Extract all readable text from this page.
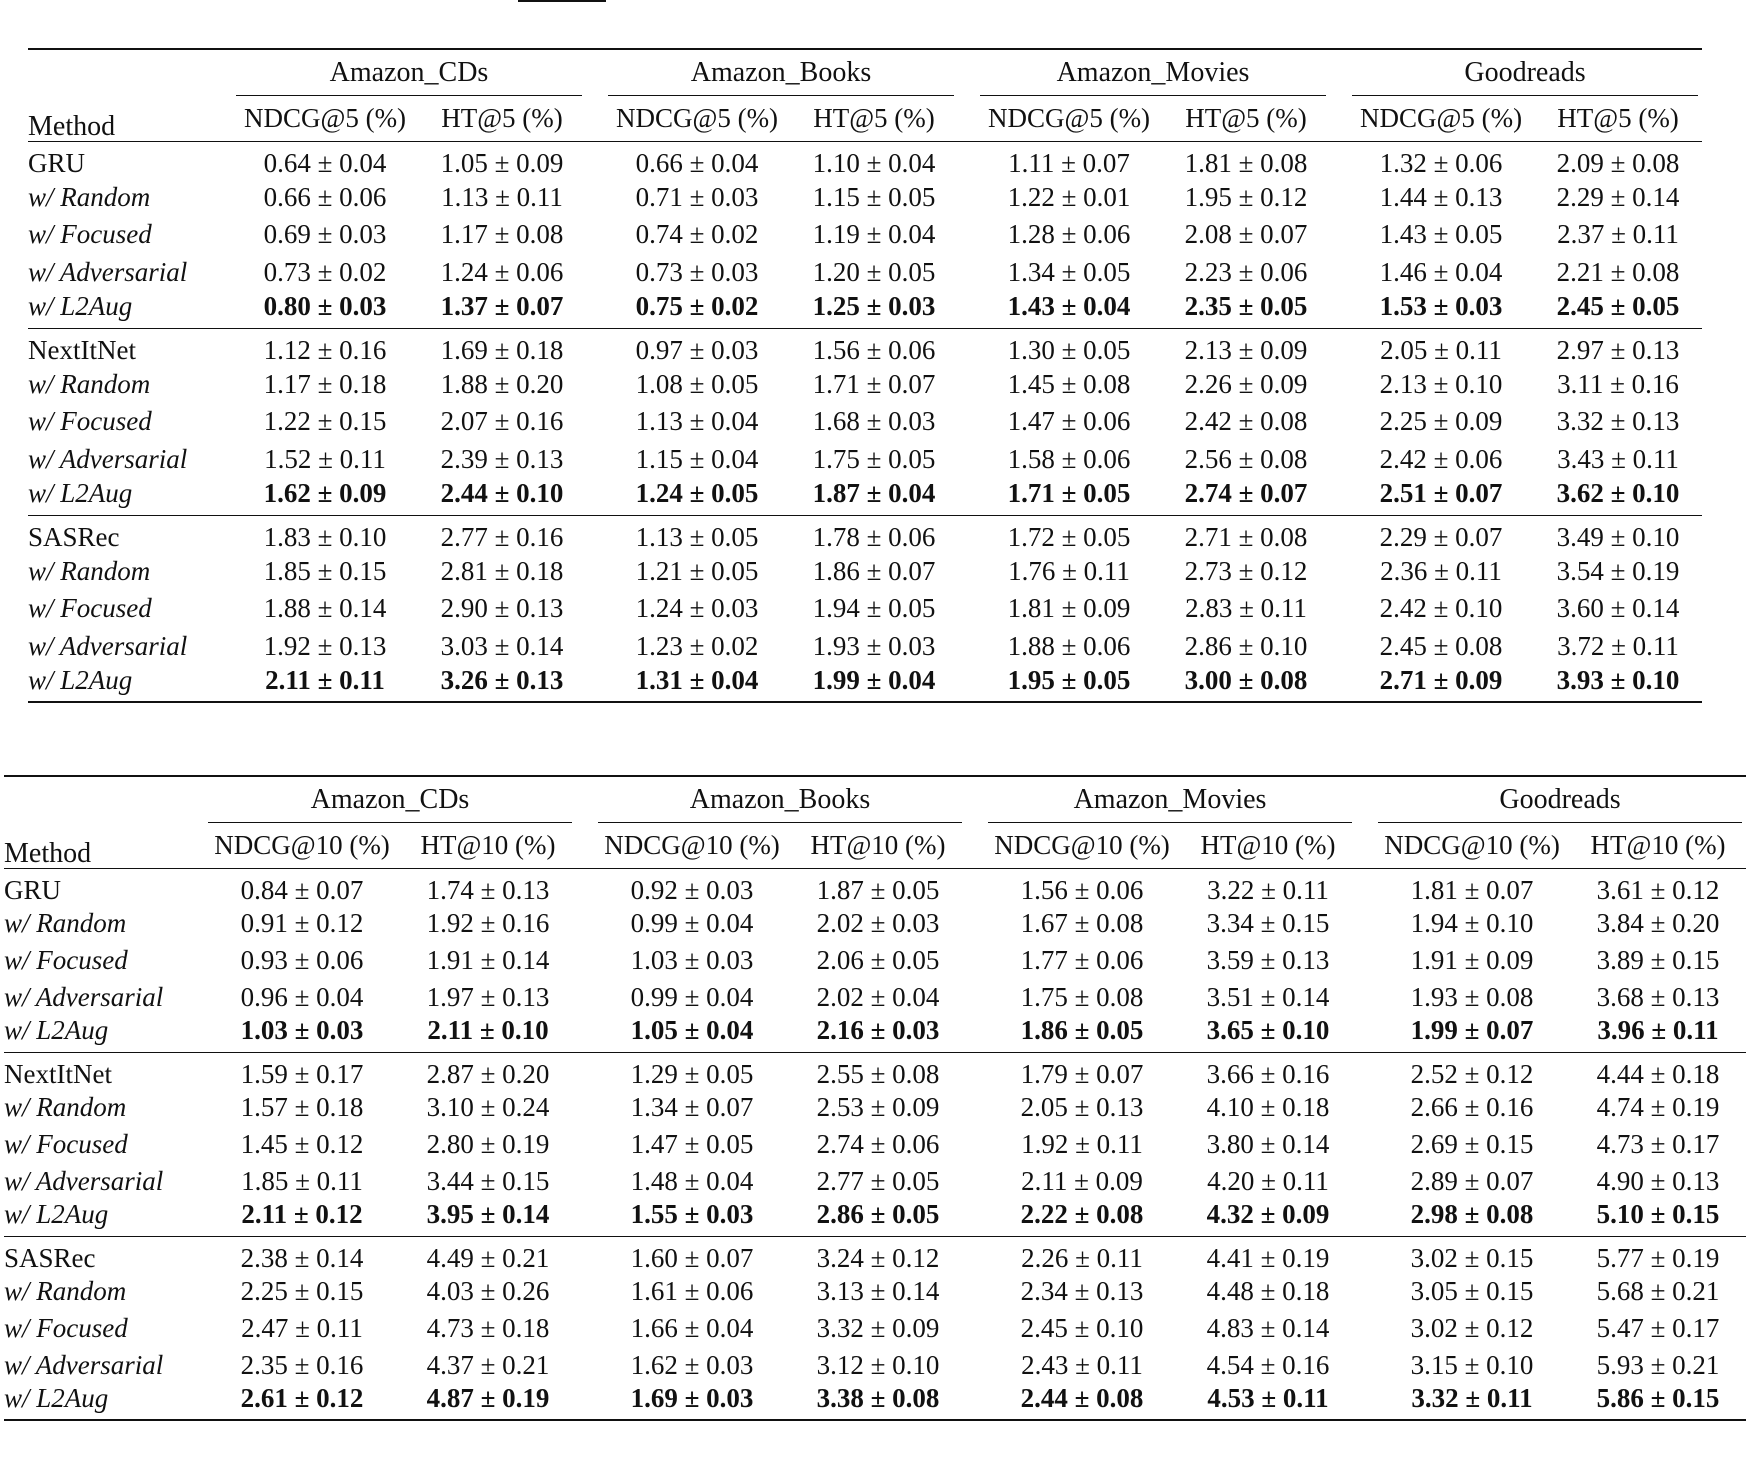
Method		Amazon_CDs			Amazon_Books			Amazon_Movies			Goodreads	

		NDCG@5 (%)	HT@5 (%)		NDCG@5 (%)	HT@5 (%)		NDCG@5 (%)	HT@5 (%)		NDCG@5 (%)	HT@5 (%)
GRU		0.64 ± 0.04	1.05 ± 0.09		0.66 ± 0.04	1.10 ± 0.04		1.11 ± 0.07	1.81 ± 0.08		1.32 ± 0.06	2.09 ± 0.08
w/ Random		0.66 ± 0.06	1.13 ± 0.11		0.71 ± 0.03	1.15 ± 0.05		1.22 ± 0.01	1.95 ± 0.12		1.44 ± 0.13	2.29 ± 0.14
w/ Focused		0.69 ± 0.03	1.17 ± 0.08		0.74 ± 0.02	1.19 ± 0.04		1.28 ± 0.06	2.08 ± 0.07		1.43 ± 0.05	2.37 ± 0.11
w/ Adversarial		0.73 ± 0.02	1.24 ± 0.06		0.73 ± 0.03	1.20 ± 0.05		1.34 ± 0.05	2.23 ± 0.06		1.46 ± 0.04	2.21 ± 0.08
w/ L2Aug		0.80 ± 0.03	1.37 ± 0.07		0.75 ± 0.02	1.25 ± 0.03		1.43 ± 0.04	2.35 ± 0.05		1.53 ± 0.03	2.45 ± 0.05
NextItNet		1.12 ± 0.16	1.69 ± 0.18		0.97 ± 0.03	1.56 ± 0.06		1.30 ± 0.05	2.13 ± 0.09		2.05 ± 0.11	2.97 ± 0.13
w/ Random		1.17 ± 0.18	1.88 ± 0.20		1.08 ± 0.05	1.71 ± 0.07		1.45 ± 0.08	2.26 ± 0.09		2.13 ± 0.10	3.11 ± 0.16
w/ Focused		1.22 ± 0.15	2.07 ± 0.16		1.13 ± 0.04	1.68 ± 0.03		1.47 ± 0.06	2.42 ± 0.08		2.25 ± 0.09	3.32 ± 0.13
w/ Adversarial		1.52 ± 0.11	2.39 ± 0.13		1.15 ± 0.04	1.75 ± 0.05		1.58 ± 0.06	2.56 ± 0.08		2.42 ± 0.06	3.43 ± 0.11
w/ L2Aug		1.62 ± 0.09	2.44 ± 0.10		1.24 ± 0.05	1.87 ± 0.04		1.71 ± 0.05	2.74 ± 0.07		2.51 ± 0.07	3.62 ± 0.10
SASRec		1.83 ± 0.10	2.77 ± 0.16		1.13 ± 0.05	1.78 ± 0.06		1.72 ± 0.05	2.71 ± 0.08		2.29 ± 0.07	3.49 ± 0.10
w/ Random		1.85 ± 0.15	2.81 ± 0.18		1.21 ± 0.05	1.86 ± 0.07		1.76 ± 0.11	2.73 ± 0.12		2.36 ± 0.11	3.54 ± 0.19
w/ Focused		1.88 ± 0.14	2.90 ± 0.13		1.24 ± 0.03	1.94 ± 0.05		1.81 ± 0.09	2.83 ± 0.11		2.42 ± 0.10	3.60 ± 0.14
w/ Adversarial		1.92 ± 0.13	3.03 ± 0.14		1.23 ± 0.02	1.93 ± 0.03		1.88 ± 0.06	2.86 ± 0.10		2.45 ± 0.08	3.72 ± 0.11
w/ L2Aug		2.11 ± 0.11	3.26 ± 0.13		1.31 ± 0.04	1.99 ± 0.04		1.95 ± 0.05	3.00 ± 0.08		2.71 ± 0.09	3.93 ± 0.10
Method		Amazon_CDs			Amazon_Books			Amazon_Movies			Goodreads	

		NDCG@10 (%)	HT@10 (%)		NDCG@10 (%)	HT@10 (%)		NDCG@10 (%)	HT@10 (%)		NDCG@10 (%)	HT@10 (%)
GRU		0.84 ± 0.07	1.74 ± 0.13		0.92 ± 0.03	1.87 ± 0.05		1.56 ± 0.06	3.22 ± 0.11		1.81 ± 0.07	3.61 ± 0.12
w/ Random		0.91 ± 0.12	1.92 ± 0.16		0.99 ± 0.04	2.02 ± 0.03		1.67 ± 0.08	3.34 ± 0.15		1.94 ± 0.10	3.84 ± 0.20
w/ Focused		0.93 ± 0.06	1.91 ± 0.14		1.03 ± 0.03	2.06 ± 0.05		1.77 ± 0.06	3.59 ± 0.13		1.91 ± 0.09	3.89 ± 0.15
w/ Adversarial		0.96 ± 0.04	1.97 ± 0.13		0.99 ± 0.04	2.02 ± 0.04		1.75 ± 0.08	3.51 ± 0.14		1.93 ± 0.08	3.68 ± 0.13
w/ L2Aug		1.03 ± 0.03	2.11 ± 0.10		1.05 ± 0.04	2.16 ± 0.03		1.86 ± 0.05	3.65 ± 0.10		1.99 ± 0.07	3.96 ± 0.11
NextItNet		1.59 ± 0.17	2.87 ± 0.20		1.29 ± 0.05	2.55 ± 0.08		1.79 ± 0.07	3.66 ± 0.16		2.52 ± 0.12	4.44 ± 0.18
w/ Random		1.57 ± 0.18	3.10 ± 0.24		1.34 ± 0.07	2.53 ± 0.09		2.05 ± 0.13	4.10 ± 0.18		2.66 ± 0.16	4.74 ± 0.19
w/ Focused		1.45 ± 0.12	2.80 ± 0.19		1.47 ± 0.05	2.74 ± 0.06		1.92 ± 0.11	3.80 ± 0.14		2.69 ± 0.15	4.73 ± 0.17
w/ Adversarial		1.85 ± 0.11	3.44 ± 0.15		1.48 ± 0.04	2.77 ± 0.05		2.11 ± 0.09	4.20 ± 0.11		2.89 ± 0.07	4.90 ± 0.13
w/ L2Aug		2.11 ± 0.12	3.95 ± 0.14		1.55 ± 0.03	2.86 ± 0.05		2.22 ± 0.08	4.32 ± 0.09		2.98 ± 0.08	5.10 ± 0.15
SASRec		2.38 ± 0.14	4.49 ± 0.21		1.60 ± 0.07	3.24 ± 0.12		2.26 ± 0.11	4.41 ± 0.19		3.02 ± 0.15	5.77 ± 0.19
w/ Random		2.25 ± 0.15	4.03 ± 0.26		1.61 ± 0.06	3.13 ± 0.14		2.34 ± 0.13	4.48 ± 0.18		3.05 ± 0.15	5.68 ± 0.21
w/ Focused		2.47 ± 0.11	4.73 ± 0.18		1.66 ± 0.04	3.32 ± 0.09		2.45 ± 0.10	4.83 ± 0.14		3.02 ± 0.12	5.47 ± 0.17
w/ Adversarial		2.35 ± 0.16	4.37 ± 0.21		1.62 ± 0.03	3.12 ± 0.10		2.43 ± 0.11	4.54 ± 0.16		3.15 ± 0.10	5.93 ± 0.21
w/ L2Aug		2.61 ± 0.12	4.87 ± 0.19		1.69 ± 0.03	3.38 ± 0.08		2.44 ± 0.08	4.53 ± 0.11		3.32 ± 0.11	5.86 ± 0.15
